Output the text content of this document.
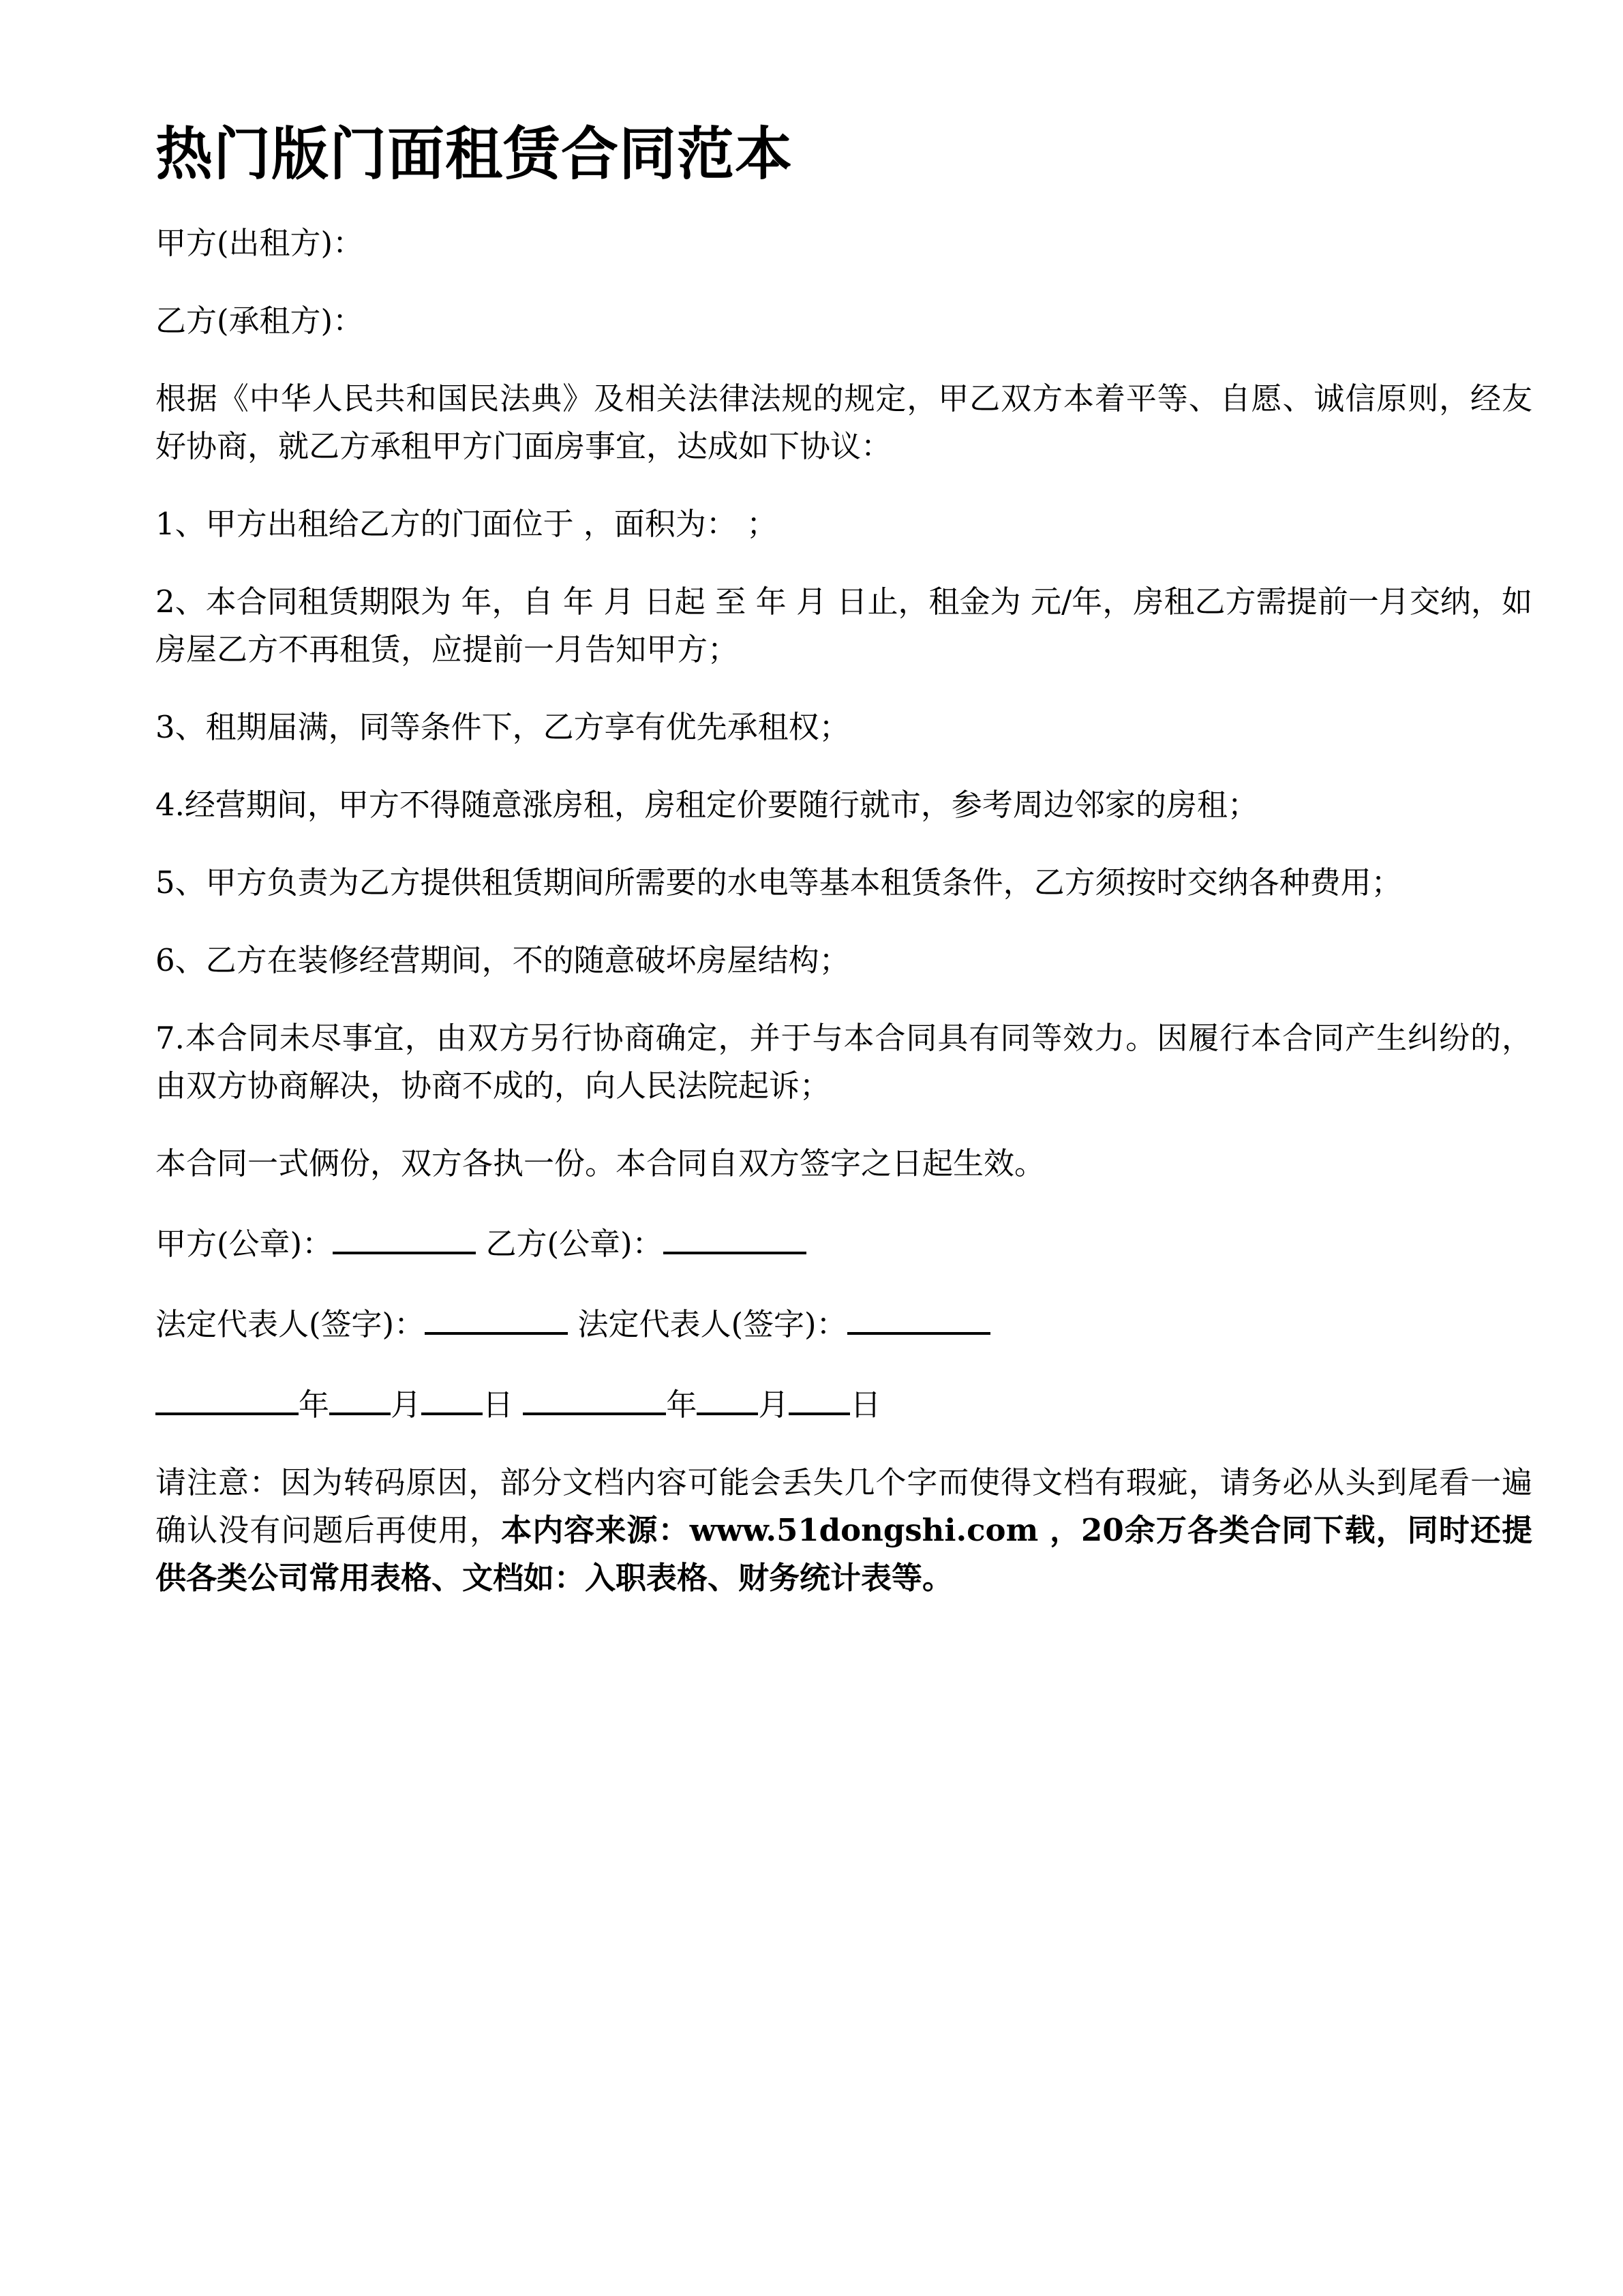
热门版门面租赁合同范本

甲方(出租方)：

乙方(承租方)：

根据《中华人民共和国民法典》及相关法律法规的规定，甲乙双方本着平等、自愿、诚信原则，经友好协商，就乙方承租甲方门面房事宜，达成如下协议：

1、甲方出租给乙方的门面位于 ，面积为： ；

2、本合同租赁期限为 年，自 年 月 日起 至 年 月 日止，租金为 元/年，房租乙方需提前一月交纳，如房屋乙方不再租赁，应提前一月告知甲方；

3、租期届满，同等条件下，乙方享有优先承租权；

4.经营期间，甲方不得随意涨房租，房租定价要随行就市，参考周边邻家的房租；

5、甲方负责为乙方提供租赁期间所需要的水电等基本租赁条件，乙方须按时交纳各种费用；

6、乙方在装修经营期间，不的随意破坏房屋结构；

7.本合同未尽事宜，由双方另行协商确定，并于与本合同具有同等效力。因履行本合同产生纠纷的，由双方协商解决，协商不成的，向人民法院起诉；

本合同一式俩份，双方各执一份。本合同自双方签字之日起生效。

甲方(公章)：	乙方(公章)：

法定代表人(签字)：	法定代表人(签字)：

年 月 日	年 月 日

请注意：因为转码原因，部分文档内容可能会丢失几个字而使得文档有瑕疵，请务必从头到尾看一遍确认没有问题后再使用，本内容来源：www.51dongshi.com ，20余万各类合同下载，同时还提供各类公司常用表格、文档如：入职表格、财务统计表等。
